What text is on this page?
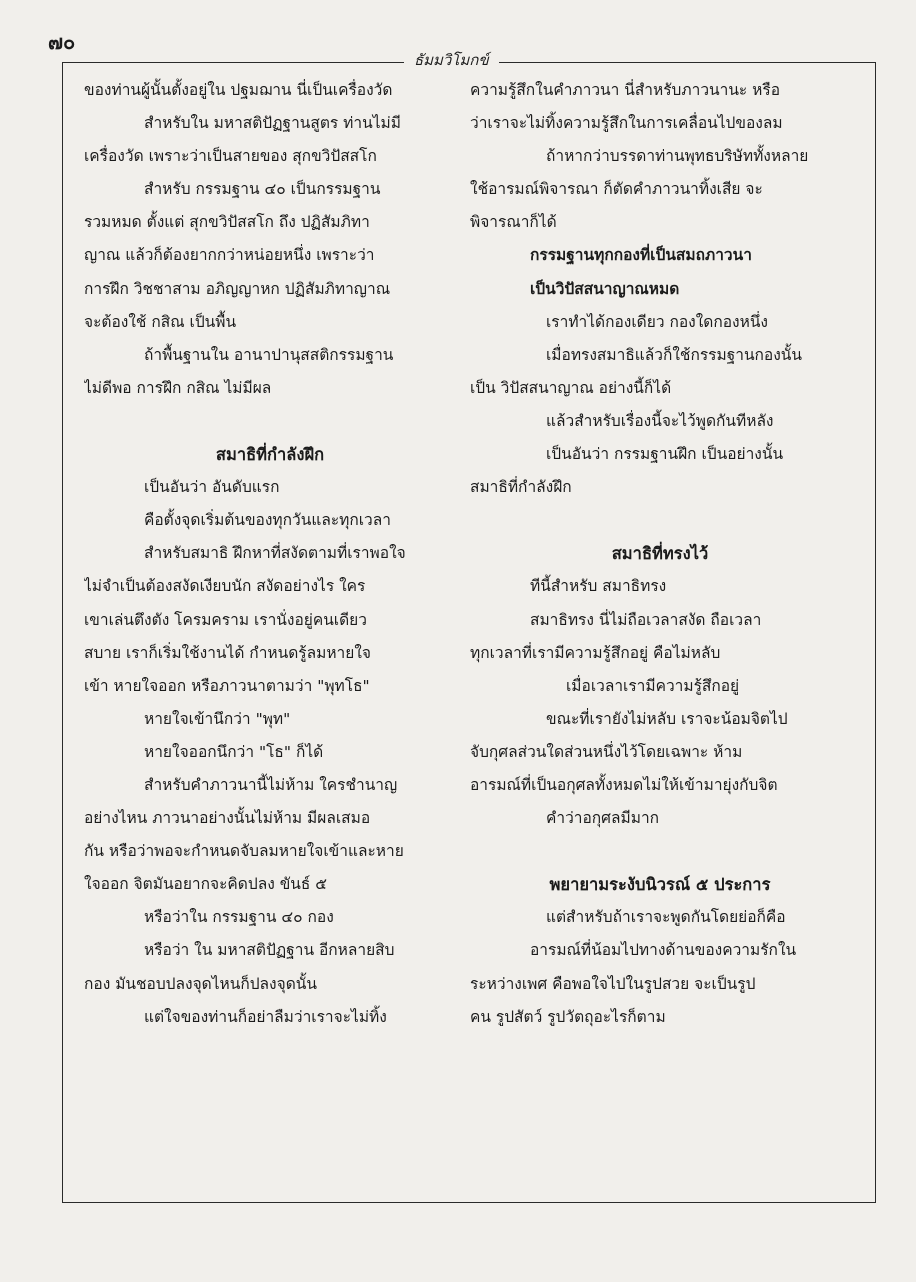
๗๐
ธัมมวิโมกข์
ของท่านผู้นั้นตั้งอยู่ใน ปฐมฌาน นี่เป็นเครื่องวัด
สำหรับใน มหาสติปัฏฐานสูตร ท่านไม่มี
เครื่องวัด เพราะว่าเป็นสายของ สุกขวิปัสสโก
สำหรับ กรรมฐาน ๔๐ เป็นกรรมฐาน
รวมหมด ตั้งแต่ สุกขวิปัสสโก ถึง ปฏิสัมภิทา
ญาณ แล้วก็ต้องยากกว่าหน่อยหนึ่ง เพราะว่า
การฝึก วิชชาสาม อภิญญาหก ปฏิสัมภิทาญาณ
จะต้องใช้ กสิณ เป็นพื้น
ถ้าพื้นฐานใน อานาปานุสสติกรรมฐาน
ไม่ดีพอ การฝึก กสิณ ไม่มีผล
สมาธิที่กำลังฝึก
เป็นอันว่า อันดับแรก
คือตั้งจุดเริ่มต้นของทุกวันและทุกเวลา
สำหรับสมาธิ ฝึกหาที่สงัดตามที่เราพอใจ
ไม่จำเป็นต้องสงัดเงียบนัก สงัดอย่างไร ใคร
เขาเล่นตึงตัง โครมคราม เรานั่งอยู่คนเดียว
สบาย เราก็เริ่มใช้งานได้ กำหนดรู้ลมหายใจ
เข้า หายใจออก หรือภาวนาตามว่า "พุทโธ"
หายใจเข้านึกว่า "พุท"
หายใจออกนึกว่า "โธ" ก็ได้
สำหรับคำภาวนานี้ไม่ห้าม ใครชำนาญ
อย่างไหน ภาวนาอย่างนั้นไม่ห้าม มีผลเสมอ
กัน หรือว่าพอจะกำหนดจับลมหายใจเข้าและหาย
ใจออก จิตมันอยากจะคิดปลง ขันธ์ ๕
หรือว่าใน กรรมฐาน ๔๐ กอง
หรือว่า ใน มหาสติปัฏฐาน อีกหลายสิบ
กอง มันชอบปลงจุดไหนก็ปลงจุดนั้น
แต่ใจของท่านก็อย่าลืมว่าเราจะไม่ทิ้ง
ความรู้สึกในคำภาวนา นี่สำหรับภาวนานะ หรือ
ว่าเราจะไม่ทิ้งความรู้สึกในการเคลื่อนไปของลม
ถ้าหากว่าบรรดาท่านพุทธบริษัททั้งหลาย
ใช้อารมณ์พิจารณา ก็ตัดคำภาวนาทิ้งเสีย จะ
พิจารณาก็ได้
กรรมฐานทุกกองที่เป็นสมถภาวนา
เป็นวิปัสสนาญาณหมด
เราทำได้กองเดียว กองใดกองหนึ่ง
เมื่อทรงสมาธิแล้วก็ใช้กรรมฐานกองนั้น
เป็น วิปัสสนาญาณ อย่างนี้ก็ได้
แล้วสำหรับเรื่องนี้จะไว้พูดกันทีหลัง
เป็นอันว่า กรรมฐานฝึก เป็นอย่างนั้น
สมาธิที่กำลังฝึก
สมาธิที่ทรงไว้
ทีนี้สำหรับ สมาธิทรง
สมาธิทรง นี่ไม่ถือเวลาสงัด ถือเวลา
ทุกเวลาที่เรามีความรู้สึกอยู่ คือไม่หลับ
เมื่อเวลาเรามีความรู้สึกอยู่
ขณะที่เรายังไม่หลับ เราจะน้อมจิตไป
จับกุศลส่วนใดส่วนหนึ่งไว้โดยเฉพาะ ห้าม
อารมณ์ที่เป็นอกุศลทั้งหมดไม่ให้เข้ามายุ่งกับจิต
คำว่าอกุศลมีมาก
พยายามระงับนิวรณ์ ๕ ประการ
แต่สำหรับถ้าเราจะพูดกันโดยย่อก็คือ
อารมณ์ที่น้อมไปทางด้านของความรักใน
ระหว่างเพศ คือพอใจไปในรูปสวย จะเป็นรูป
คน รูปสัตว์ รูปวัตถุอะไรก็ตาม
